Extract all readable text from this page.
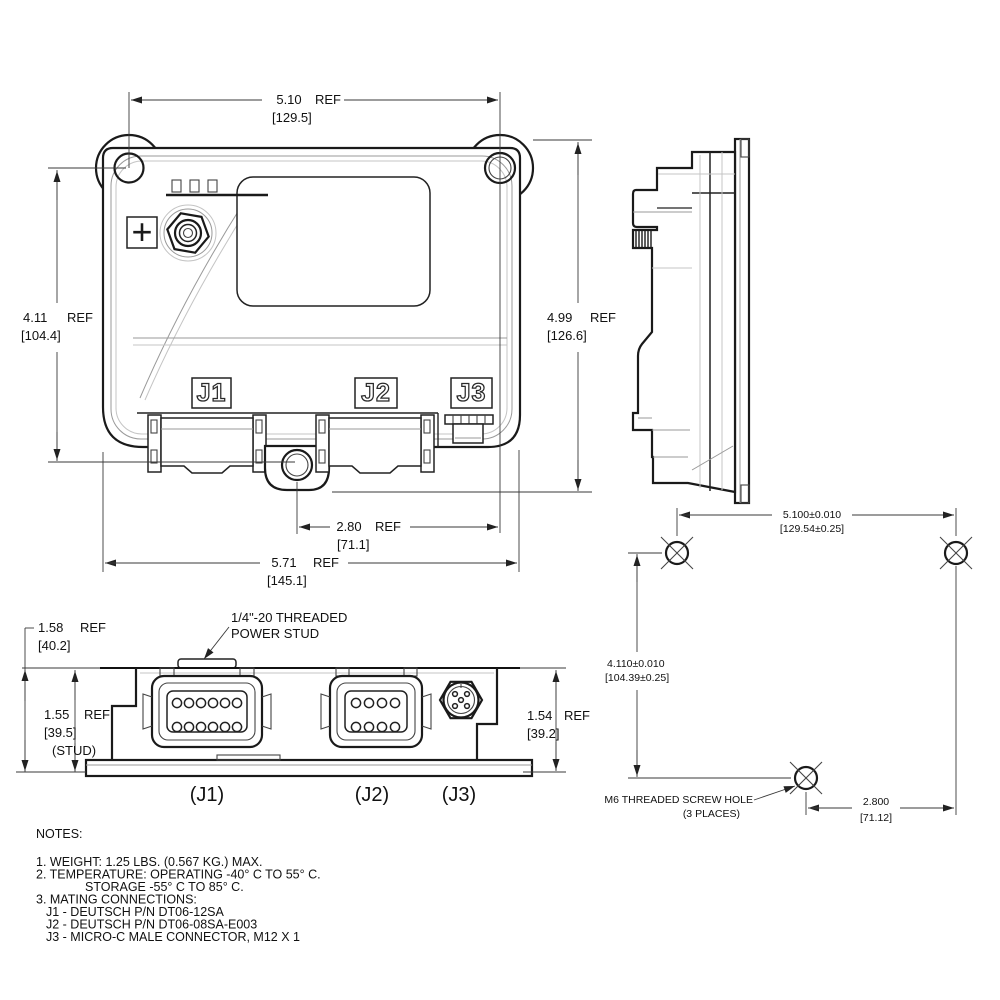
+
J1	J2	J3
(J1)	(J2)	(J3)
5.10 REF
[129.5]
4.11 REF
[104.4]
4.99 REF
[126.6]
2.80 REF
[71.1]
5.71 REF
[145.1]
1.58 REF
[40.2]
1.55 REF
[39.5]
(STUD)
1.54 REF
[39.2]
1/4"-20 THREADED
POWER STUD
5.100±0.010
[129.54±0.25]
4.110±0.010
[104.39±0.25]
2.800
[71.12]
M6 THREADED SCREW HOLE
(3 PLACES)
NOTES:
1. WEIGHT: 1.25 LBS. (0.567 KG.) MAX.
2. TEMPERATURE: OPERATING -40° C TO 55° C.
STORAGE -55° C TO 85° C.
3. MATING CONNECTIONS:
J1 - DEUTSCH P/N DT06-12SA
J2 - DEUTSCH P/N DT06-08SA-E003
J3 - MICRO-C MALE CONNECTOR, M12 X 1
